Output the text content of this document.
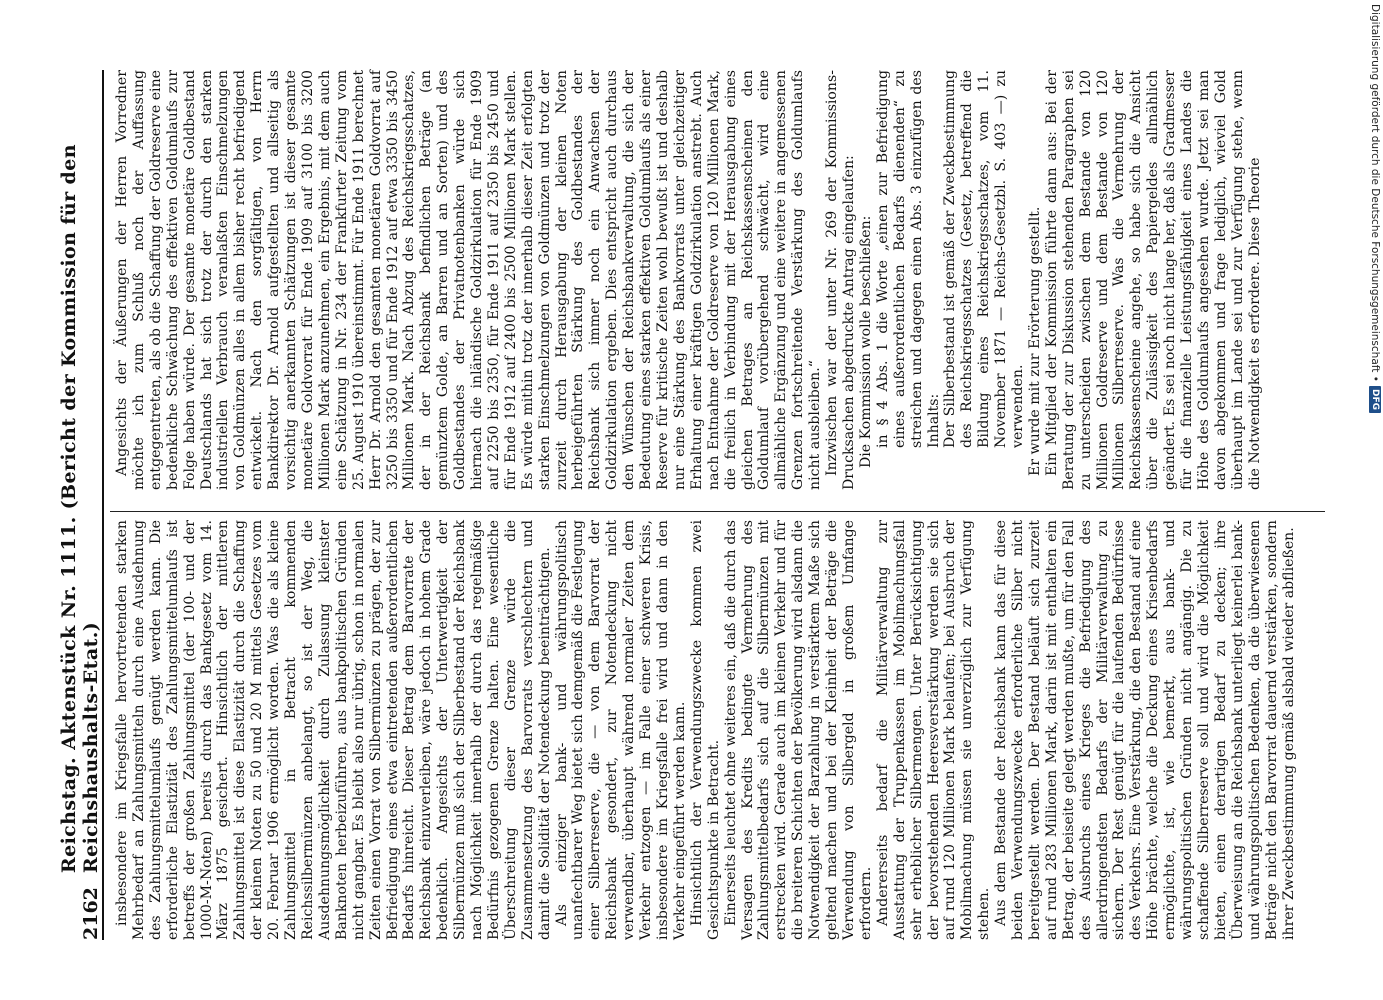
2162
Reichstag. Aktenstück Nr. 1111. (Bericht der Kommission für den Reichshaushalts-Etat.) insbesondere im Kriegsfalle hervortretenden starken Mehrbedarf an Zahlungsmitteln durch eine Ausdehnung des Zahlungsmittelumlaufs genügt werden kann. Die erforderliche Elastizität des Zahlungsmittelumlaufs ist betreffs der großen Zahlungsmittel (der 100- und der 1000-M-Noten) bereits durch das Bankgesetz vom 14. März 1875 gesichert. Hinsichtlich der mittleren Zahlungsmittel ist diese Elastizität durch die Schaffung der kleinen Noten zu 50 und 20 M mittels Gesetzes vom 20. Februar 1906 ermöglicht worden. Was die als kleine Zahlungsmittel in Betracht kommenden Reichssilbermünzen anbelangt, so ist der Weg, die Ausdehnungsmöglichkeit durch Zulassung kleinster Banknoten herbeizuführen, aus bankpolitischen Gründen nicht gangbar. Es bleibt also nur übrig, schon in normalen Zeiten einen Vorrat von Silbermünzen zu prägen, der zur Befriedigung eines etwa eintretenden außerordentlichen Bedarfs hinreicht. Dieser Betrag dem Barvorrate der Reichsbank einzuverleiben, wäre jedoch in hohem Grade bedenklich. Angesichts der Unterwertigkeit der Silbermünzen muß sich der Silberbestand der Reichsbank nach Möglichkeit innerhalb der durch das regelmäßige Bedürfnis gezogenen Grenze halten. Eine wesentliche Überschreitung dieser Grenze würde die Zusammensetzung des Barvorrats verschlechtern und damit die Solidität der Notendeckung beeinträchtigen. Als einziger bank- und währungspolitisch unanfechtbarer Weg bietet sich demgemäß die Festlegung einer Silberreserve, die — von dem Barvorrat der Reichsbank gesondert, zur Notendeckung nicht verwendbar, überhaupt während normaler Zeiten dem Verkehr entzogen — im Falle einer schweren Krisis, insbesondere im Kriegsfalle frei wird und dann in den Verkehr eingeführt werden kann. Hinsichtlich der Verwendungszwecke kommen zwei Gesichtspunkte in Betracht. Einerseits leuchtet ohne weiteres ein, daß die durch das Versagen des Kredits bedingte Vermehrung des Zahlungsmittelbedarfs sich auf die Silbermünzen mit erstrecken wird. Gerade auch im kleinen Verkehr und für die breiteren Schichten der Bevölkerung wird alsdann die Notwendigkeit der Barzahlung in verstärktem Maße sich geltend machen und bei der Kleinheit der Beträge die Verwendung von Silbergeld in großem Umfange erfordern. Andererseits bedarf die Militärverwaltung zur Ausstattung der Truppenkassen im Mobilmachungsfall sehr erheblicher Silbermengen. Unter Berücksichtigung der bevorstehenden Heeresverstärkung werden sie sich auf rund 120 Millionen Mark belaufen; bei Ausbruch der Mobilmachung müssen sie unverzüglich zur Verfügung stehen. Aus dem Bestande der Reichsbank kann das für diese beiden Verwendungszwecke erforderliche Silber nicht bereitgestellt werden. Der Bestand beläuft sich zurzeit auf rund 283 Millionen Mark, darin ist mit enthalten ein Betrag, der beiseite gelegt werden mußte, um für den Fall des Ausbruchs eines Krieges die Befriedigung des allerdringendsten Bedarfs der Militärverwaltung zu sichern. Der Rest genügt für die laufenden Bedürfnisse des Verkehrs. Eine Verstärkung, die den Bestand auf eine Höhe brächte, welche die Deckung eines Krisenbedarfs ermöglichte, ist, wie bemerkt, aus bank- und währungspolitischen Gründen nicht angängig. Die zu schaffende Silberreserve soll und wird die Möglichkeit bieten, einen derartigen Bedarf zu decken; ihre Überweisung an die Reichsbank unterliegt keinerlei bank- und währungspolitischen Bedenken, da die überwiesenen Beträge nicht den Barvorrat dauernd verstärken, sondern ihrer Zweckbestimmung gemäß alsbald wieder abfließen.

Angesichts der Äußerungen der Herren Vorredner möchte ich zum Schluß noch der Auffassung entgegentreten, als ob die Schaffung der Goldreserve eine bedenkliche Schwächung des effektiven Goldumlaufs zur Folge haben würde. Der gesamte monetäre Goldbestand Deutschlands hat sich trotz der durch den starken industriellen Verbrauch veranlaßten Einschmelzungen von Goldmünzen alles in allem bisher recht befriedigend entwickelt. Nach den sorgfältigen, von Herrn Bankdirektor Dr. Arnold aufgestellten und allseitig als vorsichtig anerkannten Schätzungen ist dieser gesamte monetäre Goldvorrat für Ende 1909 auf 3100 bis 3200 Millionen Mark anzunehmen, ein Ergebnis, mit dem auch eine Schätzung in Nr. 234 der Frankfurter Zeitung vom 25. August 1910 übereinstimmt. Für Ende 1911 berechnet Herr Dr. Arnold den gesamten monetären Goldvorrat auf 3250 bis 3350 und für Ende 1912 auf etwa 3350 bis 3450 Millionen Mark. Nach Abzug des Reichskriegsschatzes, der in der Reichsbank befindlichen Beträge (an gemünztem Golde, an Barren und an Sorten) und des Goldbestandes der Privatnotenbanken würde sich hiernach die inländische Goldzirkulation für Ende 1909 auf 2250 bis 2350, für Ende 1911 auf 2350 bis 2450 und für Ende 1912 auf 2400 bis 2500 Millionen Mark stellen. Es würde mithin trotz der innerhalb dieser Zeit erfolgten starken Einschmelzungen von Goldmünzen und trotz der zurzeit durch Herausgabung der kleinen Noten herbeigeführten Stärkung des Goldbestandes der Reichsbank sich immer noch ein Anwachsen der Goldzirkulation ergeben. Dies entspricht auch durchaus den Wünschen der Reichsbankverwaltung, die sich der Bedeutung eines starken effektiven Goldumlaufs als einer Reserve für kritische Zeiten wohl bewußt ist und deshalb nur eine Stärkung des Bankvorrats unter gleichzeitiger Erhaltung einer kräftigen Goldzirkulation anstrebt. Auch nach Entnahme der Goldreserve von 120 Millionen Mark, die freilich in Verbindung mit der Herausgabung eines gleichen Betrages an Reichskassenscheinen den Goldumlauf vorübergehend schwächt, wird eine allmähliche Ergänzung und eine weitere in angemessenen Grenzen fortschreitende Verstärkung des Goldumlaufs nicht ausbleiben.“ Inzwischen war der unter Nr. 269 der Kommissions-Drucksachen abgedruckte Antrag eingelaufen: Die Kommission wolle beschließen: in § 4 Abs. 1 die Worte „einen zur Befriedigung eines außerordentlichen Bedarfs dienenden“ zu streichen und dagegen einen Abs. 3 einzufügen des Inhalts: Der Silberbestand ist gemäß der Zweckbestimmung des Reichskriegsschatzes (Gesetz, betreffend die Bildung eines Reichskriegsschatzes, vom 11. November 1871 — Reichs-Gesetzbl. S. 403 —) zu verwenden. Er wurde mit zur Erörterung gestellt. Ein Mitglied der Kommission führte dann aus: Bei der Beratung der zur Diskussion stehenden Paragraphen sei zu unterscheiden zwischen dem Bestande von 120 Millionen Goldreserve und dem Bestande von 120 Millionen Silberreserve. Was die Vermehrung der Reichskassenscheine angehe, so habe sich die Ansicht über die Zulässigkeit des Papiergeldes allmählich geändert. Es sei noch nicht lange her, daß als Gradmesser für die finanzielle Leistungsfähigkeit eines Landes die Höhe des Goldumlaufs angesehen wurde. Jetzt sei man davon abgekommen und frage lediglich, wieviel Gold überhaupt im Lande sei und zur Verfügung stehe, wenn die Notwendigkeit es erfordere. Diese Theorie	Digitalisierung gefördert durch die Deutsche Forschungsgemeinschaft •
DFG
